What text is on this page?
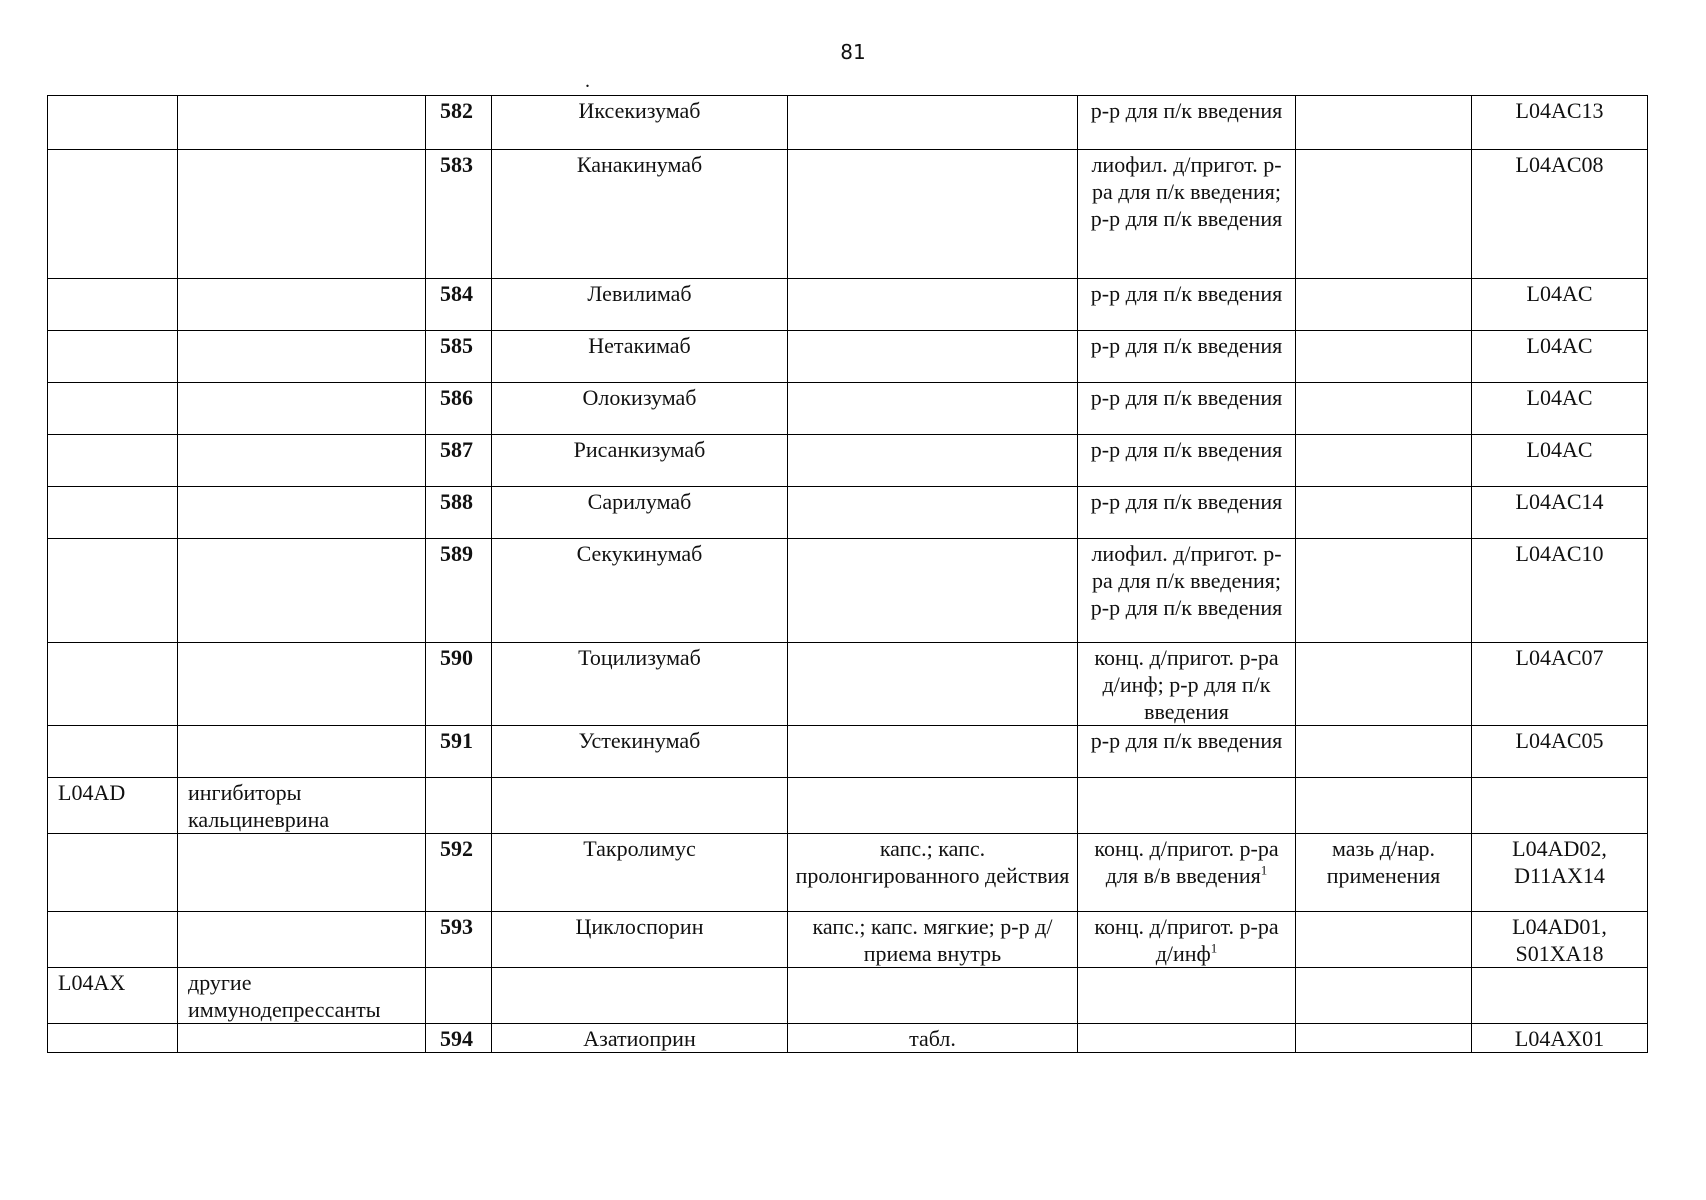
81
.
		582	Иксекизумаб		р-р для п/к введения		L04AC13
		583	Канакинумаб		лиофил. д/пригот. р-ра для п/к введения; р-р для п/к введения		L04AC08
		584	Левилимаб		р-р для п/к введения		L04AC
		585	Нетакимаб		р-р для п/к введения		L04AC
		586	Олокизумаб		р-р для п/к введения		L04AC
		587	Рисанкизумаб		р-р для п/к введения		L04AC
		588	Сарилумаб		р-р для п/к введения		L04AC14
		589	Секукинумаб		лиофил. д/пригот. р-ра для п/к введения; р-р для п/к введения		L04AC10
		590	Тоцилизумаб		конц. д/пригот. р-ра д/инф; р-р для п/к введения		L04AC07
		591	Устекинумаб		р-р для п/к введения		L04AC05
L04AD	ингибиторы кальциневрина						
		592	Такролимус	капс.; капс. пролонгированного действия	конц. д/пригот. р-ра для в/в введения$^1$	мазь д/нар. применения	L04AD02, D11AX14
		593	Циклоспорин	капс.; капс. мягкие; р-р д/приема внутрь	конц. д/пригот. р-ра д/инф$^1$		L04AD01, S01XA18
L04AX	другие иммунодепрессанты						
		594	Азатиоприн	табл.			L04AX01
